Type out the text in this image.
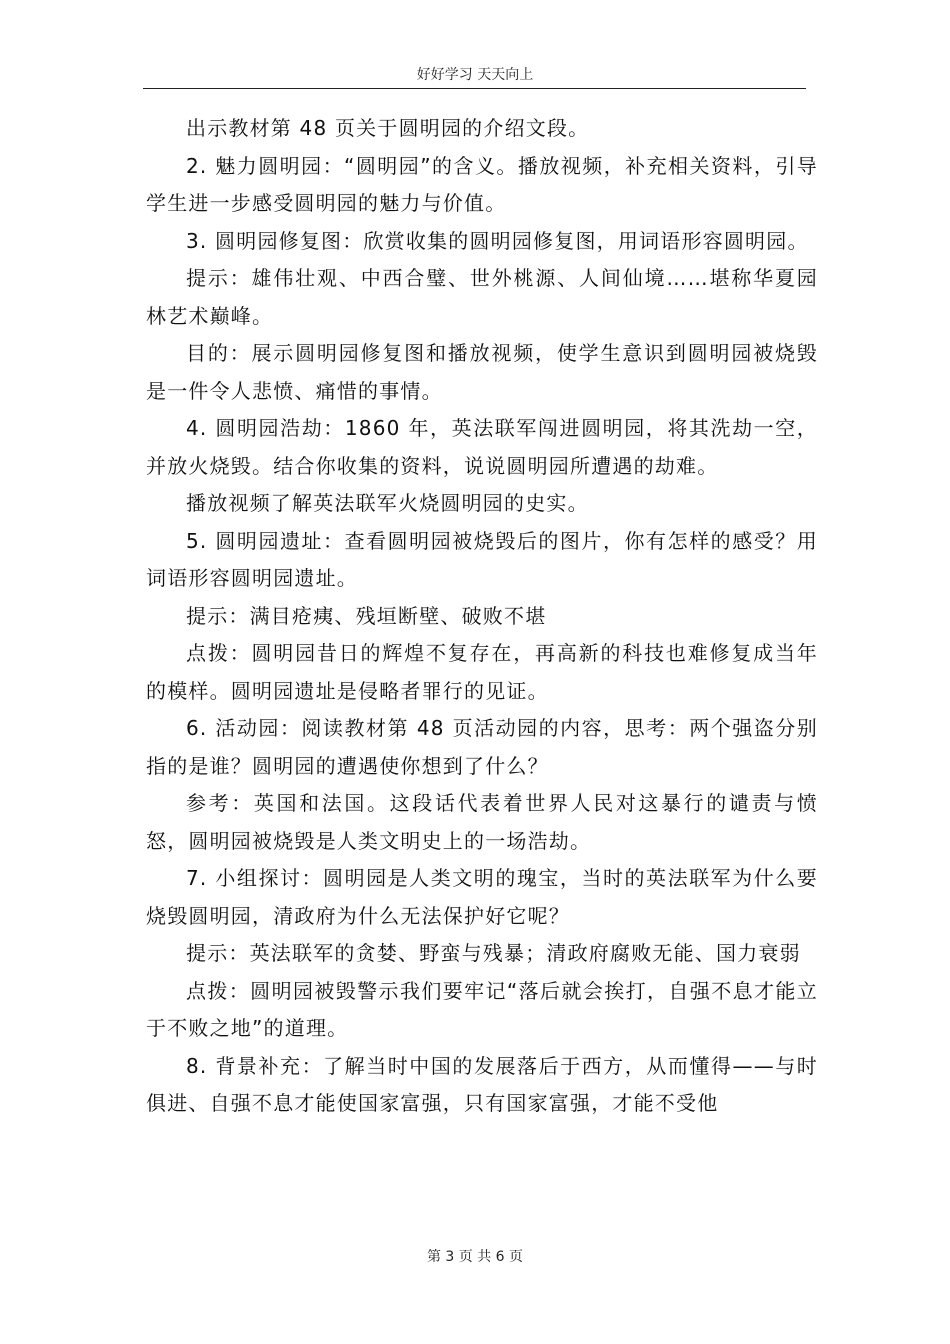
好好学习 天天向上

出示教材第 48 页关于圆明园的介绍文段。

2. 魅力圆明园：“圆明园”的含义。播放视频，补充相关资料，引导学生进一步感受圆明园的魅力与价值。

3. 圆明园修复图：欣赏收集的圆明园修复图，用词语形容圆明园。

提示：雄伟壮观、中西合璧、世外桃源、人间仙境……堪称华夏园林艺术巅峰。

目的：展示圆明园修复图和播放视频，使学生意识到圆明园被烧毁是一件令人悲愤、痛惜的事情。

4. 圆明园浩劫：1860 年，英法联军闯进圆明园，将其洗劫一空，并放火烧毁。结合你收集的资料，说说圆明园所遭遇的劫难。

播放视频了解英法联军火烧圆明园的史实。

5. 圆明园遗址：查看圆明园被烧毁后的图片，你有怎样的感受？用词语形容圆明园遗址。

提示：满目疮痍、残垣断壁、破败不堪

点拨：圆明园昔日的辉煌不复存在，再高新的科技也难修复成当年的模样。圆明园遗址是侵略者罪行的见证。

6. 活动园：阅读教材第 48 页活动园的内容，思考：两个强盗分别指的是谁？圆明园的遭遇使你想到了什么？

参考：英国和法国。这段话代表着世界人民对这暴行的谴责与愤怒，圆明园被烧毁是人类文明史上的一场浩劫。

7. 小组探讨：圆明园是人类文明的瑰宝，当时的英法联军为什么要烧毁圆明园，清政府为什么无法保护好它呢？

提示：英法联军的贪婪、野蛮与残暴；清政府腐败无能、国力衰弱

点拨：圆明园被毁警示我们要牢记“落后就会挨打，自强不息才能立于不败之地”的道理。

8. 背景补充：了解当时中国的发展落后于西方，从而懂得——与时俱进、自强不息才能使国家富强，只有国家富强，才能不受他

第 3 页 共 6 页
